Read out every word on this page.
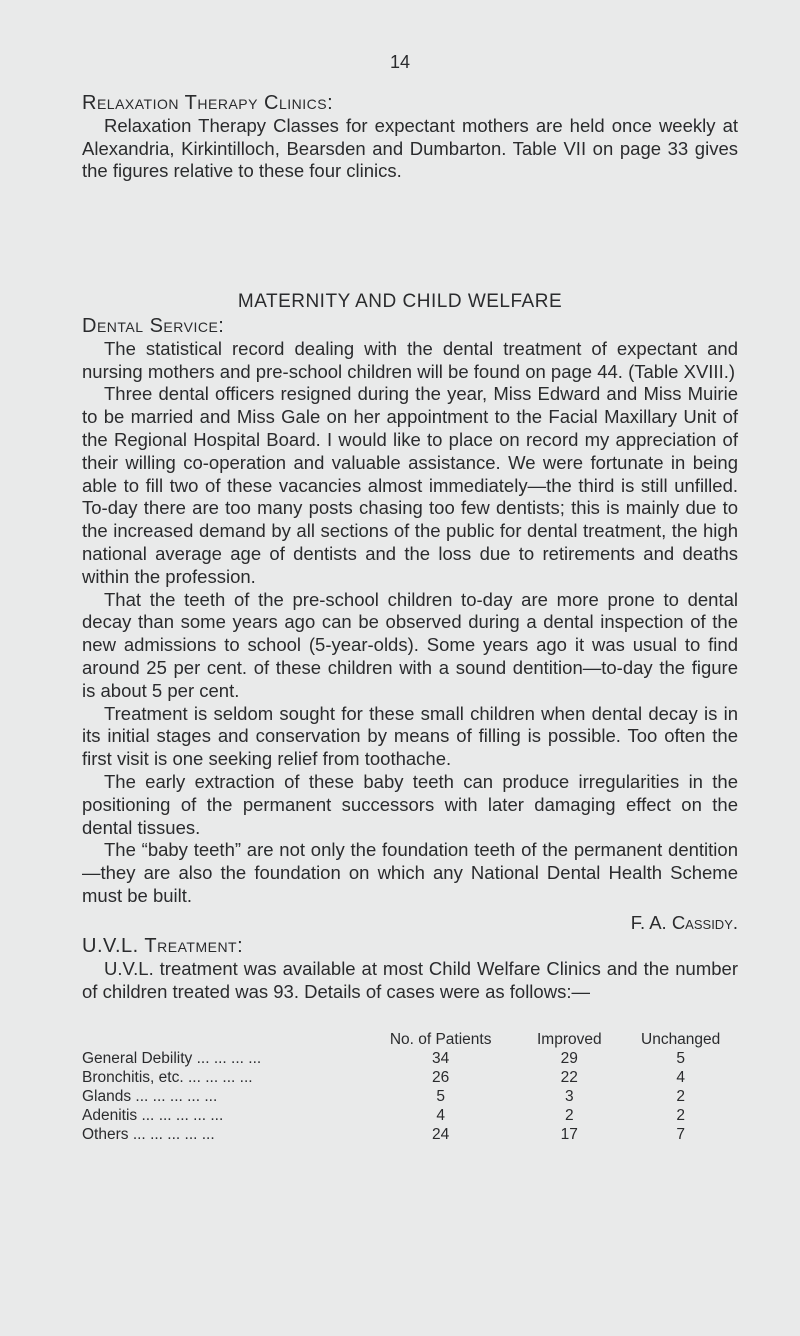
14
Relaxation Therapy Clinics:

Relaxation Therapy Classes for expectant mothers are held once weekly at Alexandria, Kirkintilloch, Bearsden and Dumbarton. Table VII on page 33 gives the figures relative to these four clinics.

MATERNITY AND CHILD WELFARE
Dental Service:

The statistical record dealing with the dental treatment of expectant and nursing mothers and pre-school children will be found on page 44. (Table XVIII.)

Three dental officers resigned during the year, Miss Edward and Miss Muirie to be married and Miss Gale on her appointment to the Facial Maxillary Unit of the Regional Hospital Board. I would like to place on record my appreciation of their willing co-operation and valuable assistance. We were fortunate in being able to fill two of these vacancies almost immediately—the third is still unfilled. To-day there are too many posts chasing too few dentists; this is mainly due to the increased demand by all sections of the public for dental treatment, the high national average age of dentists and the loss due to retirements and deaths within the profession.

That the teeth of the pre-school children to-day are more prone to dental decay than some years ago can be observed during a dental inspection of the new admissions to school (5-year-olds). Some years ago it was usual to find around 25 per cent. of these children with a sound dentition—to-day the figure is about 5 per cent.

Treatment is seldom sought for these small children when dental decay is in its initial stages and conservation by means of filling is possible. Too often the first visit is one seeking relief from toothache.

The early extraction of these baby teeth can produce irregularities in the positioning of the permanent successors with later damaging effect on the dental tissues.

The “baby teeth” are not only the foundation teeth of the permanent dentition—they are also the foundation on which any National Dental Health Scheme must be built.

F. A. Cassidy.
U.V.L. Treatment:

U.V.L. treatment was available at most Child Welfare Clinics and the number of children treated was 93. Details of cases were as follows:—

	No. of Patients	Improved	Unchanged
General Debility ... ... ... ...	34	29	5
Bronchitis, etc. ... ... ... ...	26	22	4
Glands ... ... ... ... ...	5	3	2
Adenitis ... ... ... ... ...	4	2	2
Others ... ... ... ... ...	24	17	7
